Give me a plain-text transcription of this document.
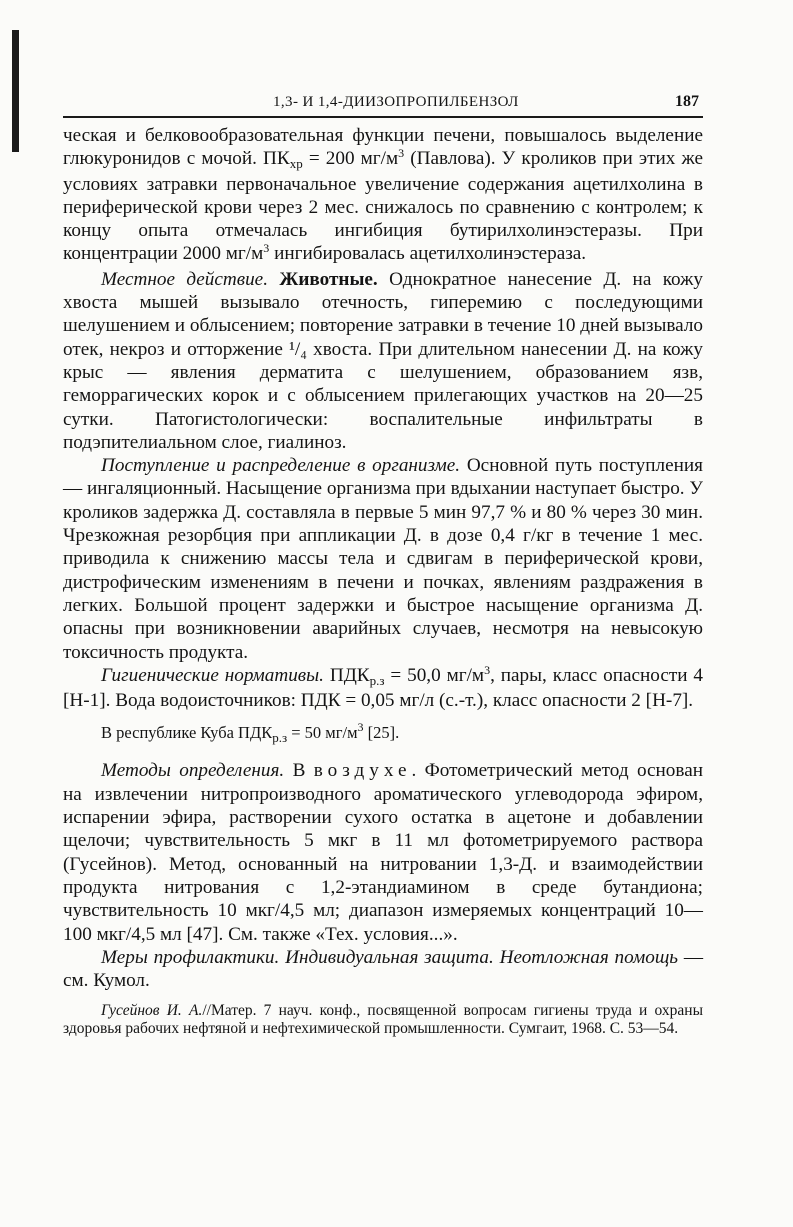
1,3- И 1,4-ДИИЗОПРОПИЛБЕНЗОЛ	187

ческая и белковообразовательная функции печени, повышалось выделение глюкуронидов с мочой. $ПК_{хр} = 200$ $мг/м^3$ (Павлова). У кроликов при этих же условиях затравки первоначальное увеличение содержания ацетилхолина в периферической крови через 2 мес. снижалось по сравнению с контролем; к концу опыта отмечалась ингибиция бутирилхолинэстеразы. При концентрации 2000 $мг/м^3$ ингибировалась ацетилхолинэстераза.

Местное действие. Животные. Однократное нанесение Д. на кожу хвоста мышей вызывало отечность, гиперемию с последующими шелушением и облысением; повторение затравки в течение 10 дней вызывало отек, некроз и отторжение ¹/₄ хвоста. При длительном нанесении Д. на кожу крыс — явления дерматита с шелушением, образованием язв, геморрагических корок и с облысением прилегающих участков на 20—25 сутки. Патогистологически: воспалительные инфильтраты в подэпителиальном слое, гиалиноз.

Поступление и распределение в организме. Основной путь поступления — ингаляционный. Насыщение организма при вдыхании наступает быстро. У кроликов задержка Д. составляла в первые 5 мин 97,7 % и 80 % через 30 мин. Чрезкожная резорбция при аппликации Д. в дозе 0,4 г/кг в течение 1 мес. приводила к снижению массы тела и сдвигам в периферической крови, дистрофическим изменениям в печени и почках, явлениям раздражения в легких. Большой процент задержки и быстрое насыщение организма Д. опасны при возникновении аварийных случаев, несмотря на невысокую токсичность продукта.

Гигиенические нормативы. $ПДК_{р.з} = 50,0$ $мг/м^3$, пары, класс опасности 4 [Н-1]. Вода водоисточников: ПДК = 0,05 мг/л (с.-т.), класс опасности 2 [Н-7].

В республике Куба $ПДК_{р.з} = 50$ $мг/м^3$ [25].

Методы определения. В воздухе. Фотометрический метод основан на извлечении нитропроизводного ароматического углеводорода эфиром, испарении эфира, растворении сухого остатка в ацетоне и добавлении щелочи; чувствительность 5 мкг в 11 мл фотометрируемого раствора (Гусейнов). Метод, основанный на нитровании 1,3-Д. и взаимодействии продукта нитрования с 1,2-этандиамином в среде бутандиона; чувствительность 10 мкг/4,5 мл; диапазон измеряемых концентраций 10—100 мкг/4,5 мл [47]. См. также «Тех. условия...».

Меры профилактики. Индивидуальная защита. Неотложная помощь — см. Кумол.

Гусейнов И. А.//Матер. 7 науч. конф., посвященной вопросам гигиены труда и охраны здоровья рабочих нефтяной и нефтехимической промышленности. Сумгаит, 1968. С. 53—54.
